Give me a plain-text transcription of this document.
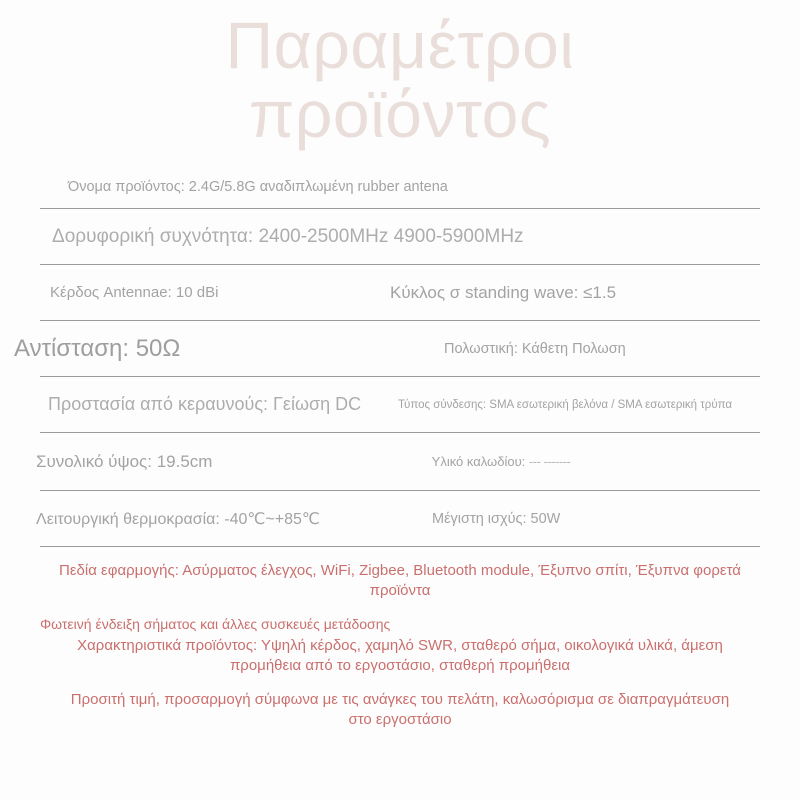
Παραμέτροι
προϊόντος
Όνομα προϊόντος: 2.4G/5.8G αναδιπλωμένη rubber antena
Δορυφορική συχνότητα: 2400-2500MHz 4900-5900MHz
Κέρδος Antennae: 10 dBi	Κύκλος σ standing wave: ≤1.5
Αντίσταση: 50Ω	Πολωστική: Κάθετη Πολωση
Προστασία από κεραυνούς: Γείωση DC	Τύπος σύνδεσης: SMA εσωτερική βελόνα / SMA εσωτερική τρύπα
Συνολικό ύψος: 19.5cm	Υλικό καλωδίου: --- -------
Λειτουργική θερμοκρασία: -40℃~+85℃	Μέγιστη ισχύς: 50W
Πεδία εφαρμογής: Ασύρματος έλεγχος, WiFi, Zigbee, Bluetooth module, Έξυπνο σπίτι, Έξυπνα φορετά προϊόντα
Φωτεινή ένδειξη σήματος και άλλες συσκευές μετάδοσης
Χαρακτηριστικά προϊόντος: Υψηλή κέρδος, χαμηλό SWR, σταθερό σήμα, οικολογικά υλικά, άμεση προμήθεια από το εργοστάσιο, σταθερή προμήθεια
Προσιτή τιμή, προσαρμογή σύμφωνα με τις ανάγκες του πελάτη, καλωσόρισμα σε διαπραγμάτευση στο εργοστάσιο
